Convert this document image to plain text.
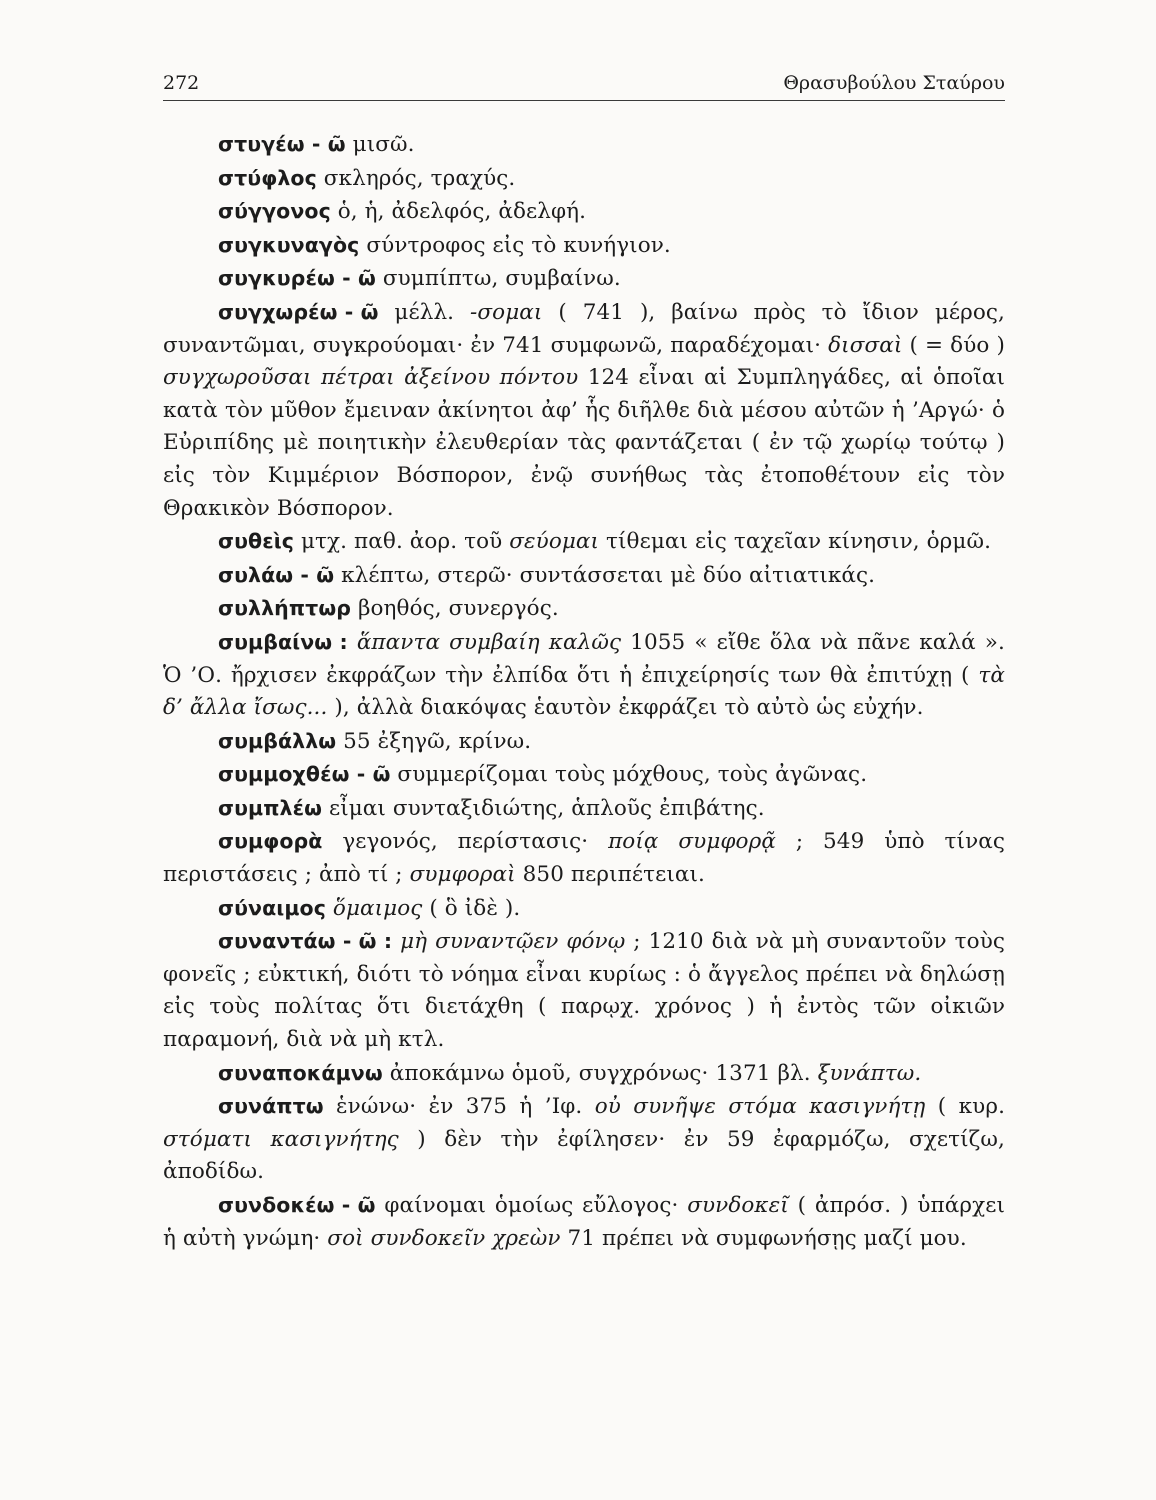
272	Θρασυβούλου Σταύρου

στυγέω - ῶ μισῶ.

στύφλος σκληρός, τραχύς.

σύγγονος ὁ, ἡ, ἀδελφός, ἀδελφή.

συγκυναγὸς σύντροφος εἰς τὸ κυνήγιον.

συγκυρέω - ῶ συμπίπτω, συμβαίνω.

συγχωρέω - ῶ μέλλ. -σομαι ( 741 ), βαίνω πρὸς τὸ ἴδιον μέρος, συναντῶμαι, συγκρούομαι· ἐν 741 συμφωνῶ, παραδέχομαι· δισσαὶ ( = δύο ) συγχωροῦσαι πέτραι ἀξείνου πόντου 124 εἶναι αἱ Συμπληγάδες, αἱ ὁποῖαι κατὰ τὸν μῦθον ἔμειναν ἀκίνητοι ἀφ’ ἧς διῆλθε διὰ μέσου αὐτῶν ἡ ’Αργώ· ὁ Εὐριπίδης μὲ ποιητικὴν ἐλευθερίαν τὰς φαντάζεται ( ἐν τῷ χωρίῳ τούτῳ ) εἰς τὸν Κιμμέριον Βόσπορον, ἐνῷ συνήθως τὰς ἐτοποθέτουν εἰς τὸν Θρακικὸν Βόσπορον.

συθεὶς μτχ. παθ. ἀορ. τοῦ σεύομαι τίθεμαι εἰς ταχεῖαν κίνησιν, ὁρμῶ.

συλάω - ῶ κλέπτω, στερῶ· συντάσσεται μὲ δύο αἰτιατικάς.

συλλήπτωρ βοηθός, συνεργός.

συμβαίνω : ἅπαντα συμβαίη καλῶς 1055 « εἴθε ὅλα νὰ πᾶνε καλά ». Ὁ ’Ο. ἤρχισεν ἐκφράζων τὴν ἐλπίδα ὅτι ἡ ἐπιχείρησίς των θὰ ἐπιτύχῃ ( τὰ δ’ ἄλλα ἴσως... ), ἀλλὰ διακόψας ἑαυτὸν ἐκφράζει τὸ αὐτὸ ὡς εὐχήν.

συμβάλλω 55 ἐξηγῶ, κρίνω.

συμμοχθέω - ῶ συμμερίζομαι τοὺς μόχθους, τοὺς ἀγῶνας.

συμπλέω εἶμαι συνταξιδιώτης, ἁπλοῦς ἐπιβάτης.

συμφορὰ γεγονός, περίστασις· ποίᾳ συμφορᾷ ; 549 ὑπὸ τίνας περιστάσεις ; ἀπὸ τί ; συμφοραὶ 850 περιπέτειαι.

σύναιμος ὅμαιμος ( ὃ ἰδὲ ).

συναντάω - ῶ : μὴ συναντῷεν φόνῳ ; 1210 διὰ νὰ μὴ συναντοῦν τοὺς φονεῖς ; εὐκτική, διότι τὸ νόημα εἶναι κυρίως : ὁ ἄγγελος πρέπει νὰ δηλώσῃ εἰς τοὺς πολίτας ὅτι διετάχθη ( παρῳχ. χρόνος ) ἡ ἐντὸς τῶν οἰκιῶν παραμονή, διὰ νὰ μὴ κτλ.

συναποκάμνω ἀποκάμνω ὁμοῦ, συγχρόνως· 1371 βλ. ξυνάπτω.

συνάπτω ἑνώνω· ἐν 375 ἡ ’Ιφ. οὐ συνῆψε στόμα κασιγνήτῃ ( κυρ. στόματι κασιγνήτης ) δὲν τὴν ἐφίλησεν· ἐν 59 ἐφαρμόζω, σχετίζω, ἀποδίδω.

συνδοκέω - ῶ φαίνομαι ὁμοίως εὔλογος· συνδοκεῖ ( ἀπρόσ. ) ὑπάρχει ἡ αὐτὴ γνώμη· σοὶ συνδοκεῖν χρεὼν 71 πρέπει νὰ συμφωνήσῃς μαζί μου.
